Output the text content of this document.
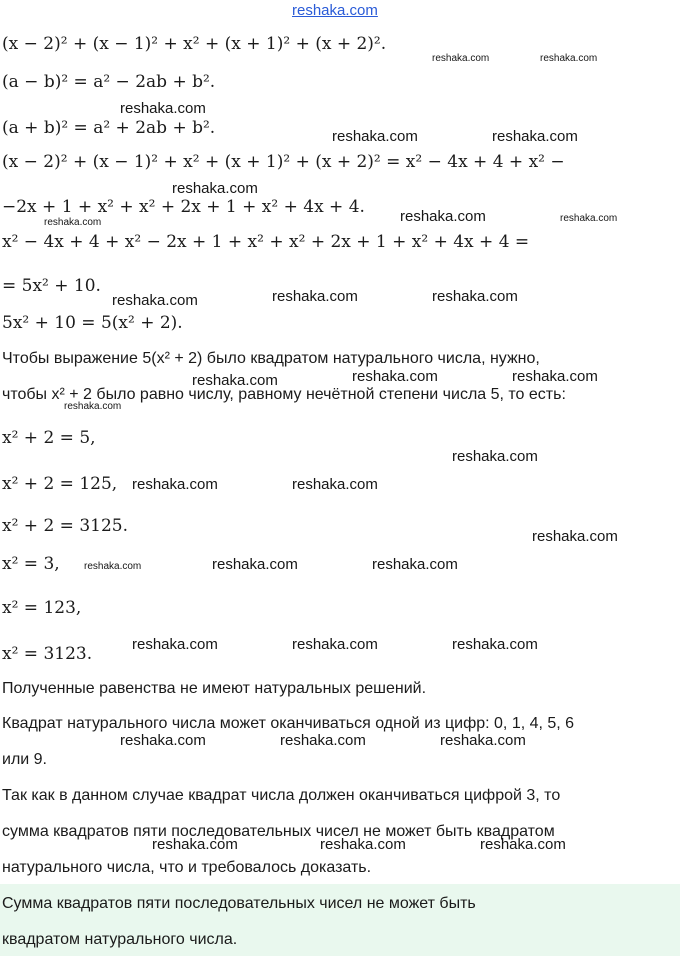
reshaka.com
(x − 2)² + (x − 1)² + x² + (x + 1)² + (x + 2)².
(a − b)² = a² − 2ab + b².
(a + b)² = a² + 2ab + b².
(x − 2)² + (x − 1)² + x² + (x + 1)² + (x + 2)² = x² − 4x + 4 + x² −
−2x + 1 + x² + x² + 2x + 1 + x² + 4x + 4.
x² − 4x + 4 + x² − 2x + 1 + x² + x² + 2x + 1 + x² + 4x + 4 =
= 5x² + 10.
5x² + 10 = 5(x² + 2).
Чтобы выражение 5(x² + 2) было квадратом натурального числа, нужно,
чтобы x² + 2 было равно числу, равному нечётной степени числа 5, то есть:
x² + 2 = 5,
x² + 2 = 125,
x² + 2 = 3125.
x² = 3,
x² = 123,
x² = 3123.
Полученные равенства не имеют натуральных решений.
Квадрат натурального числа может оканчиваться одной из цифр: 0, 1, 4, 5, 6
или 9.
Так как в данном случае квадрат числа должен оканчиваться цифрой 3, то
сумма квадратов пяти последовательных чисел не может быть квадратом
натурального числа, что и требовалось доказать.
Сумма квадратов пяти последовательных чисел не может быть
квадратом натурального числа.
reshaka.com	reshaka.com
reshaka.com
reshaka.com	reshaka.com
reshaka.com
reshaka.com	reshaka.com
reshaka.com
reshaka.com	reshaka.com	reshaka.com
reshaka.com	reshaka.com	reshaka.com
reshaka.com
reshaka.com
reshaka.com	reshaka.com
reshaka.com
reshaka.com	reshaka.com	reshaka.com
reshaka.com	reshaka.com	reshaka.com
reshaka.com	reshaka.com	reshaka.com
reshaka.com	reshaka.com	reshaka.com
